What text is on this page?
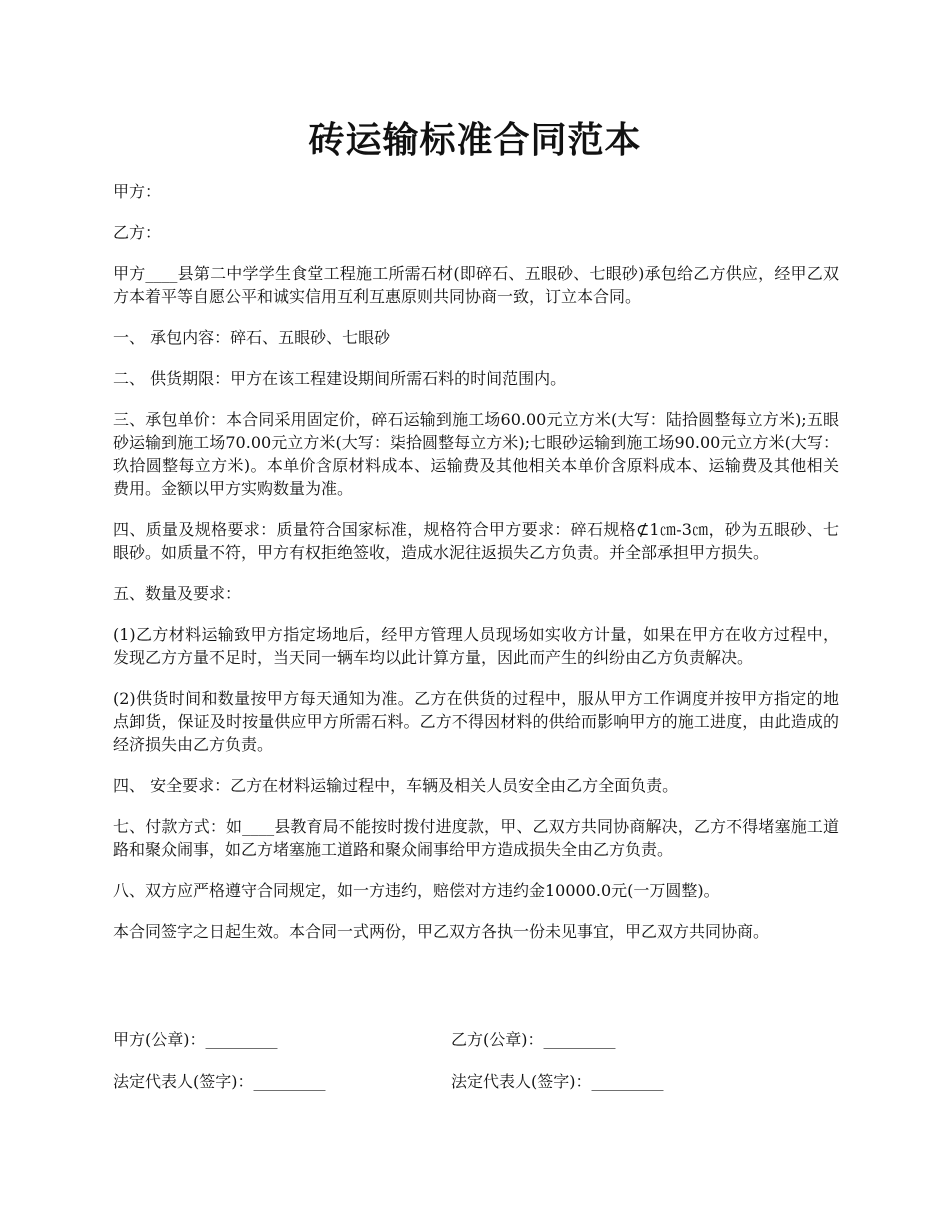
砖运输标准合同范本

甲方：

乙方：

甲方____县第二中学学生食堂工程施工所需石材(即碎石、五眼砂、七眼砂)承包给乙方供应，经甲乙双方本着平等自愿公平和诚实信用互利互惠原则共同协商一致，订立本合同。

一、 承包内容：碎石、五眼砂、七眼砂

二、 供货期限：甲方在该工程建设期间所需石料的时间范围内。

三、承包单价：本合同采用固定价，碎石运输到施工场60.00元立方米(大写：陆拾圆整每立方米);五眼砂运输到施工场70.00元立方米(大写：柒拾圆整每立方米);七眼砂运输到施工场90.00元立方米(大写：玖拾圆整每立方米)。本单价含原材料成本、运输费及其他相关本单价含原料成本、运输费及其他相关费用。金额以甲方实购数量为准。

四、质量及规格要求：质量符合国家标准，规格符合甲方要求：碎石规格⊄1㎝-3㎝，砂为五眼砂、七眼砂。如质量不符，甲方有权拒绝签收，造成水泥往返损失乙方负责。并全部承担甲方损失。

五、数量及要求：

(1)乙方材料运输致甲方指定场地后，经甲方管理人员现场如实收方计量，如果在甲方在收方过程中，发现乙方方量不足时，当天同一辆车均以此计算方量，因此而产生的纠纷由乙方负责解决。

(2)供货时间和数量按甲方每天通知为准。乙方在供货的过程中，服从甲方工作调度并按甲方指定的地点卸货，保证及时按量供应甲方所需石料。乙方不得因材料的供给而影响甲方的施工进度，由此造成的经济损失由乙方负责。

四、 安全要求：乙方在材料运输过程中，车辆及相关人员安全由乙方全面负责。

七、付款方式：如____县教育局不能按时拨付进度款，甲、乙双方共同协商解决，乙方不得堵塞施工道路和聚众闹事，如乙方堵塞施工道路和聚众闹事给甲方造成损失全由乙方负责。

八、双方应严格遵守合同规定，如一方违约，赔偿对方违约金10000.0元(一万圆整)。

本合同签字之日起生效。本合同一式两份，甲乙双方各执一份未见事宜，甲乙双方共同协商。

甲方(公章)：_________	乙方(公章)：_________
法定代表人(签字)：_________	法定代表人(签字)：_________
